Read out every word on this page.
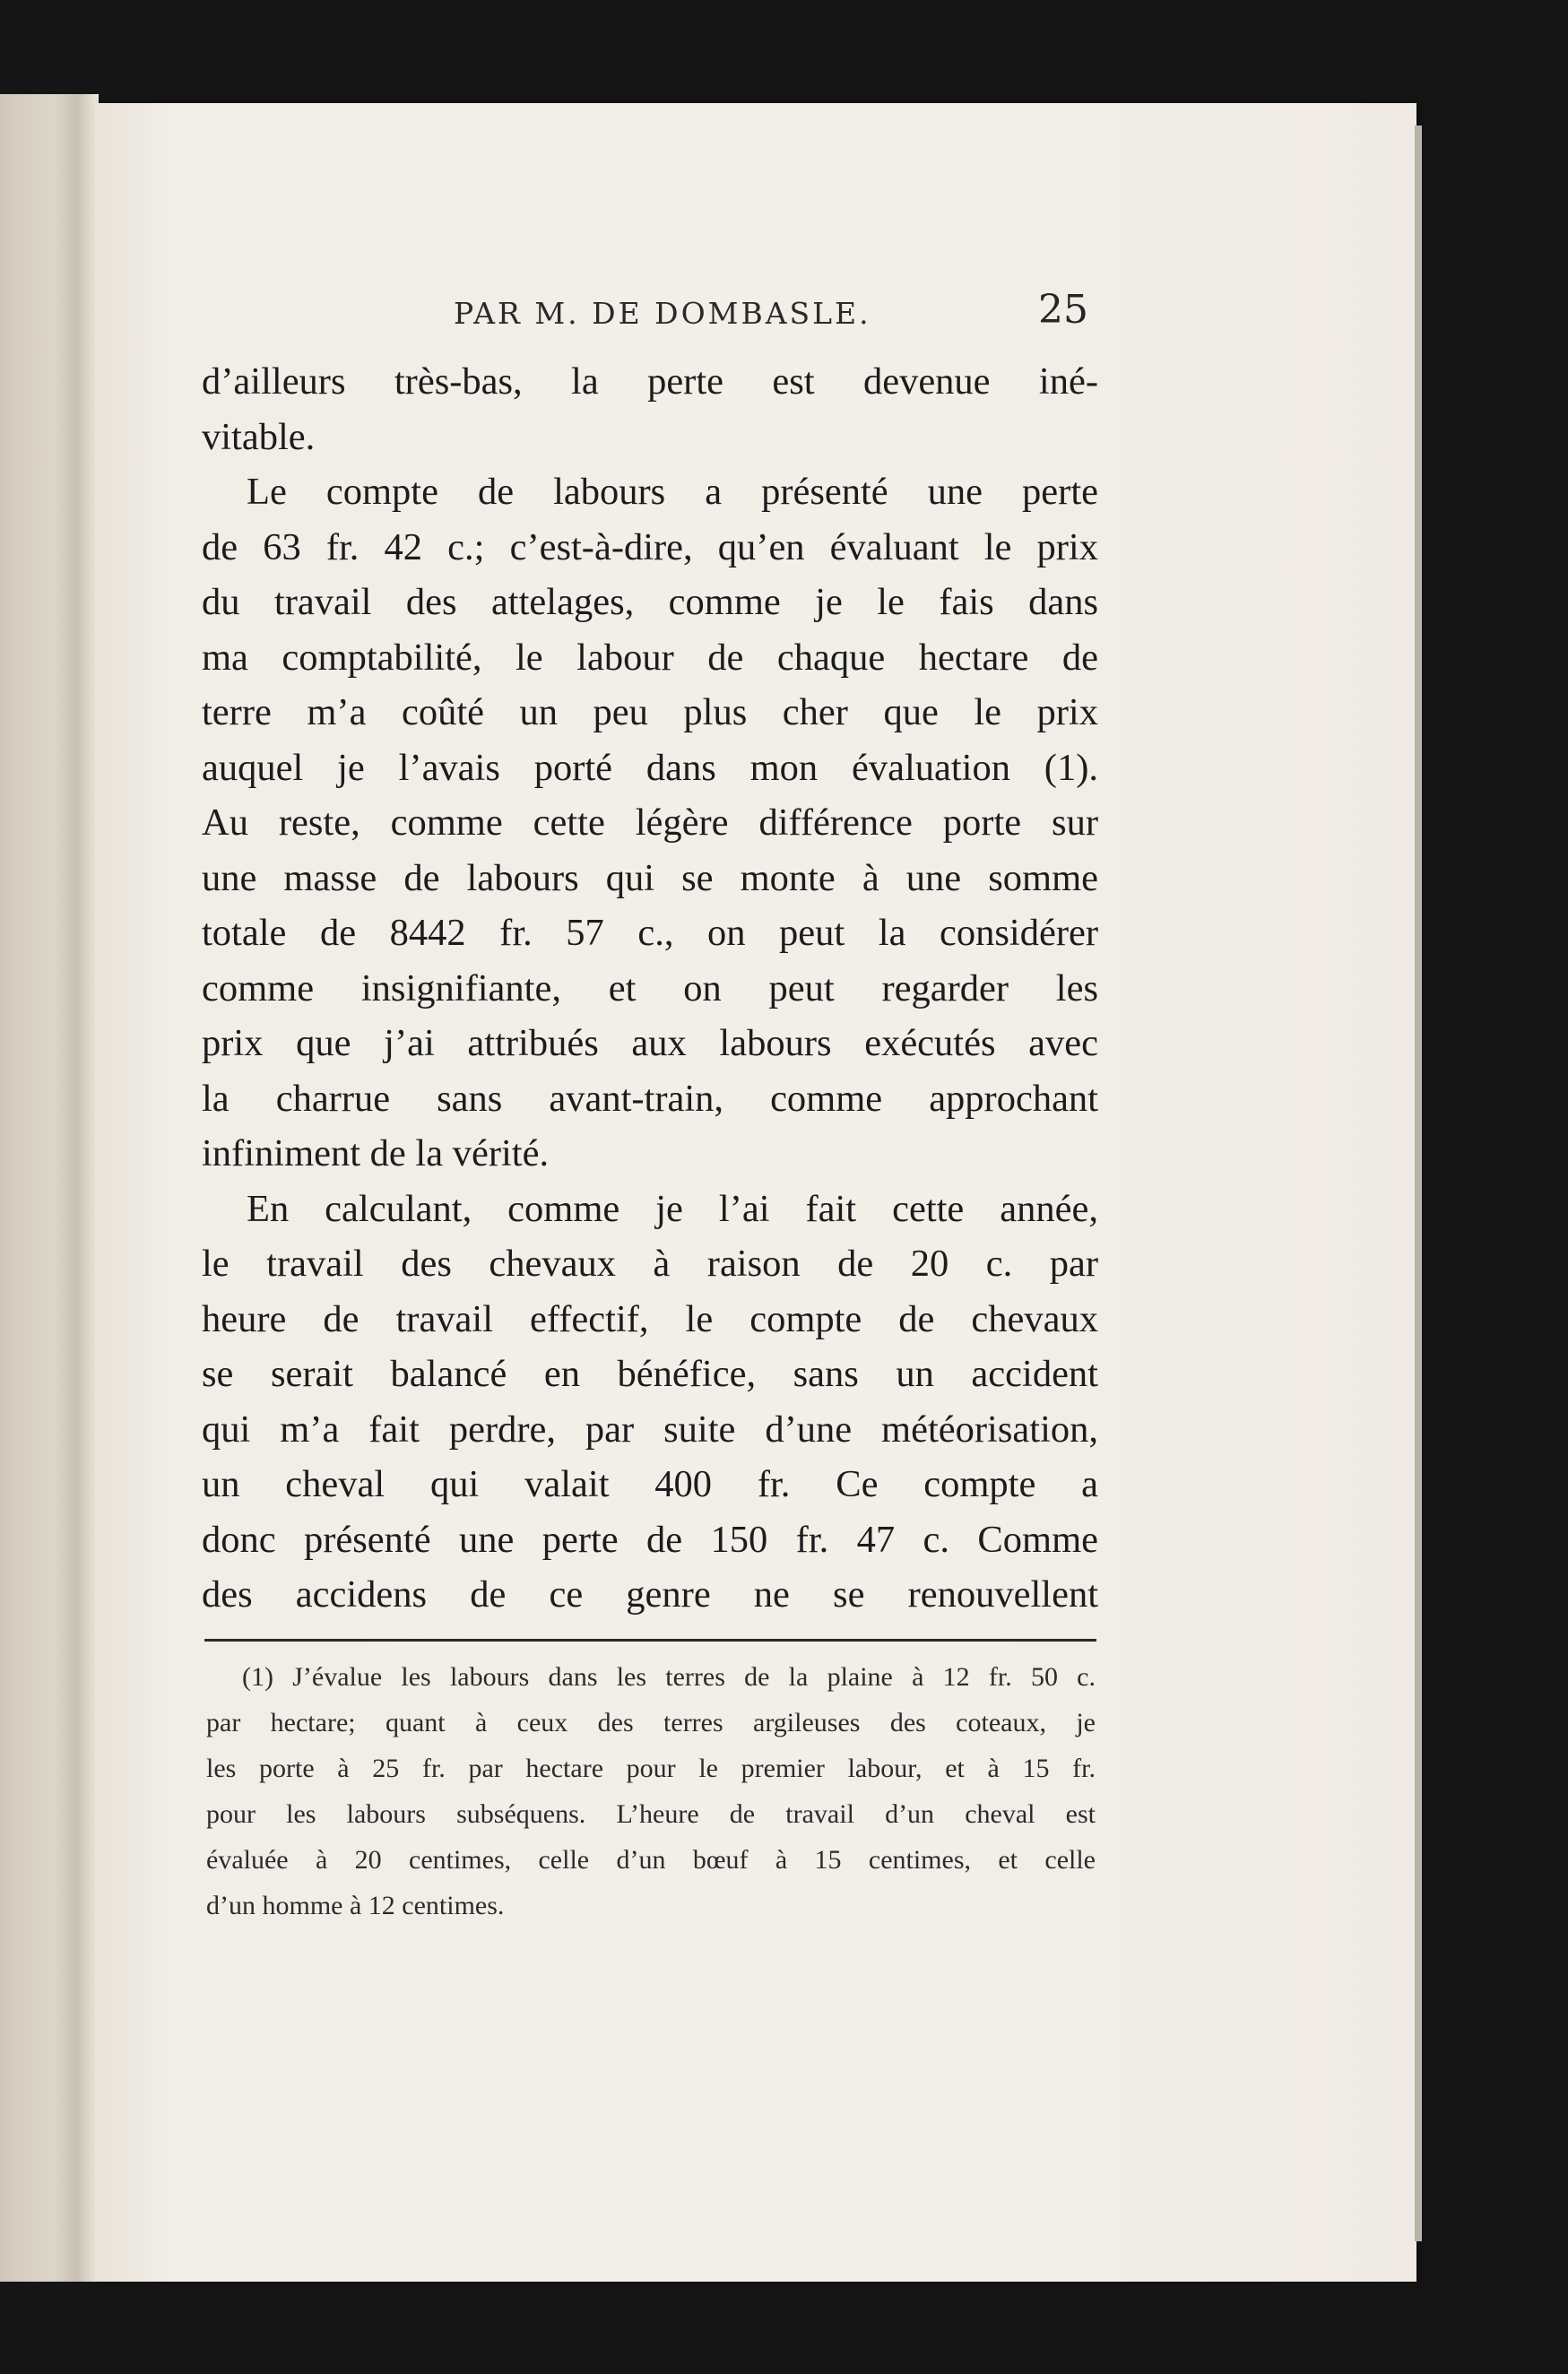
PAR M. DE DOMBASLE.	25
d’ailleurs très-bas, la perte est devenue iné-
vitable.
Le compte de labours a présenté une perte
de 63 fr. 42 c.; c’est-à-dire, qu’en évaluant le prix
du travail des attelages, comme je le fais dans
ma comptabilité, le labour de chaque hectare de
terre m’a coûté un peu plus cher que le prix
auquel je l’avais porté dans mon évaluation (1).
Au reste, comme cette légère différence porte sur
une masse de labours qui se monte à une somme
totale de 8442 fr. 57 c., on peut la considérer
comme insignifiante, et on peut regarder les
prix que j’ai attribués aux labours exécutés avec
la charrue sans avant-train, comme approchant
infiniment de la vérité.
En calculant, comme je l’ai fait cette année,
le travail des chevaux à raison de 20 c. par
heure de travail effectif, le compte de chevaux
se serait balancé en bénéfice, sans un accident
qui m’a fait perdre, par suite d’une météorisation,
un cheval qui valait 400 fr. Ce compte a
donc présenté une perte de 150 fr. 47 c. Comme
des accidens de ce genre ne se renouvellent
(1) J’évalue les labours dans les terres de la plaine à 12 fr. 50 c.
par hectare; quant à ceux des terres argileuses des coteaux, je
les porte à 25 fr. par hectare pour le premier labour, et à 15 fr.
pour les labours subséquens. L’heure de travail d’un cheval est
évaluée à 20 centimes, celle d’un bœuf à 15 centimes, et celle
d’un homme à 12 centimes.
